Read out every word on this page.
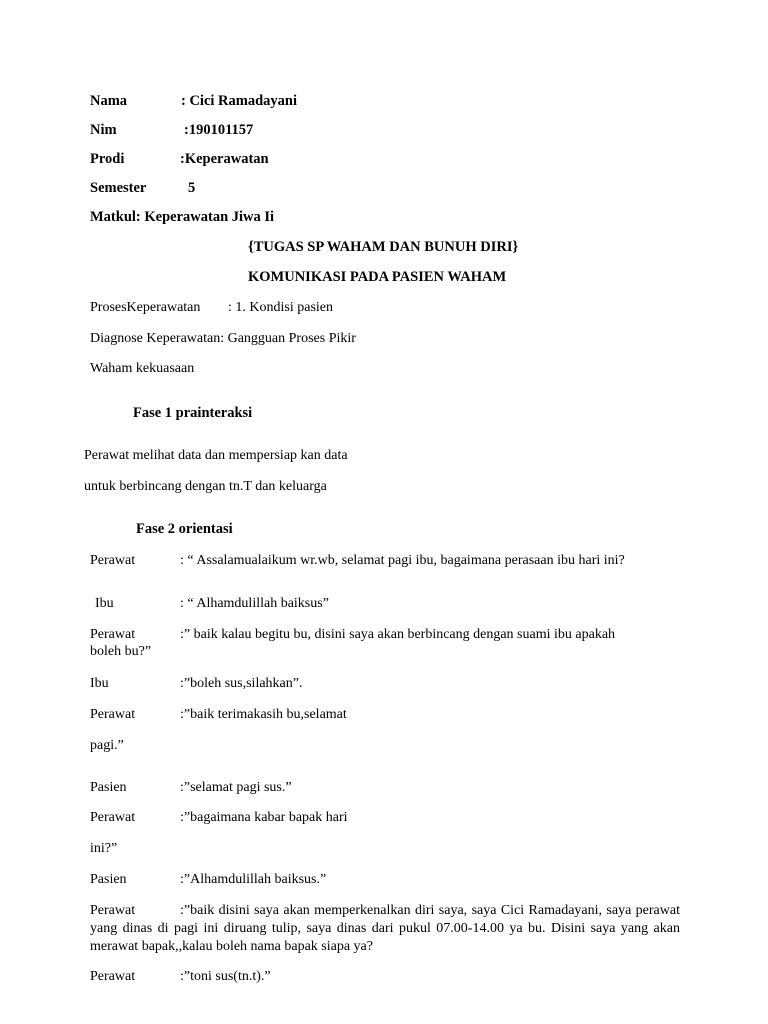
Nama	: Cici Ramadayani
Nim	:190101157
Prodi	:Keperawatan
Semester	5
Matkul: Keperawatan Jiwa Ii
{TUGAS SP WAHAM DAN BUNUH DIRI}
KOMUNIKASI PADA PASIEN WAHAM
ProsesKeperawatan : 1. Kondisi pasien
Diagnose Keperawatan: Gangguan Proses Pikir
Waham kekuasaan
Fase 1 prainteraksi
Perawat melihat data dan mempersiap kan data
untuk berbincang dengan tn.T dan keluarga
Fase 2 orientasi
Perawat	: “ Assalamualaikum wr.wb, selamat pagi ibu, bagaimana perasaan ibu hari ini?
Ibu	: “ Alhamdulillah baiksus”
Perawat	:” baik kalau begitu bu, disini saya akan berbincang dengan suami ibu apakah
boleh bu?”
Ibu	:”boleh sus,silahkan”.
Perawat	:”baik terimakasih bu,selamat
pagi.”
Pasien	:”selamat pagi sus.”
Perawat	:”bagaimana kabar bapak hari
ini?”
Pasien	:”Alhamdulillah baiksus.”
Perawat	:”baik disini saya akan memperkenalkan diri saya, saya Cici Ramadayani, saya perawat yang dinas di pagi ini diruang tulip, saya dinas dari pukul 07.00-14.00 ya bu. Disini saya yang akan merawat bapak,,kalau boleh nama bapak siapa ya?
Perawat	:”toni sus(tn.t).”
